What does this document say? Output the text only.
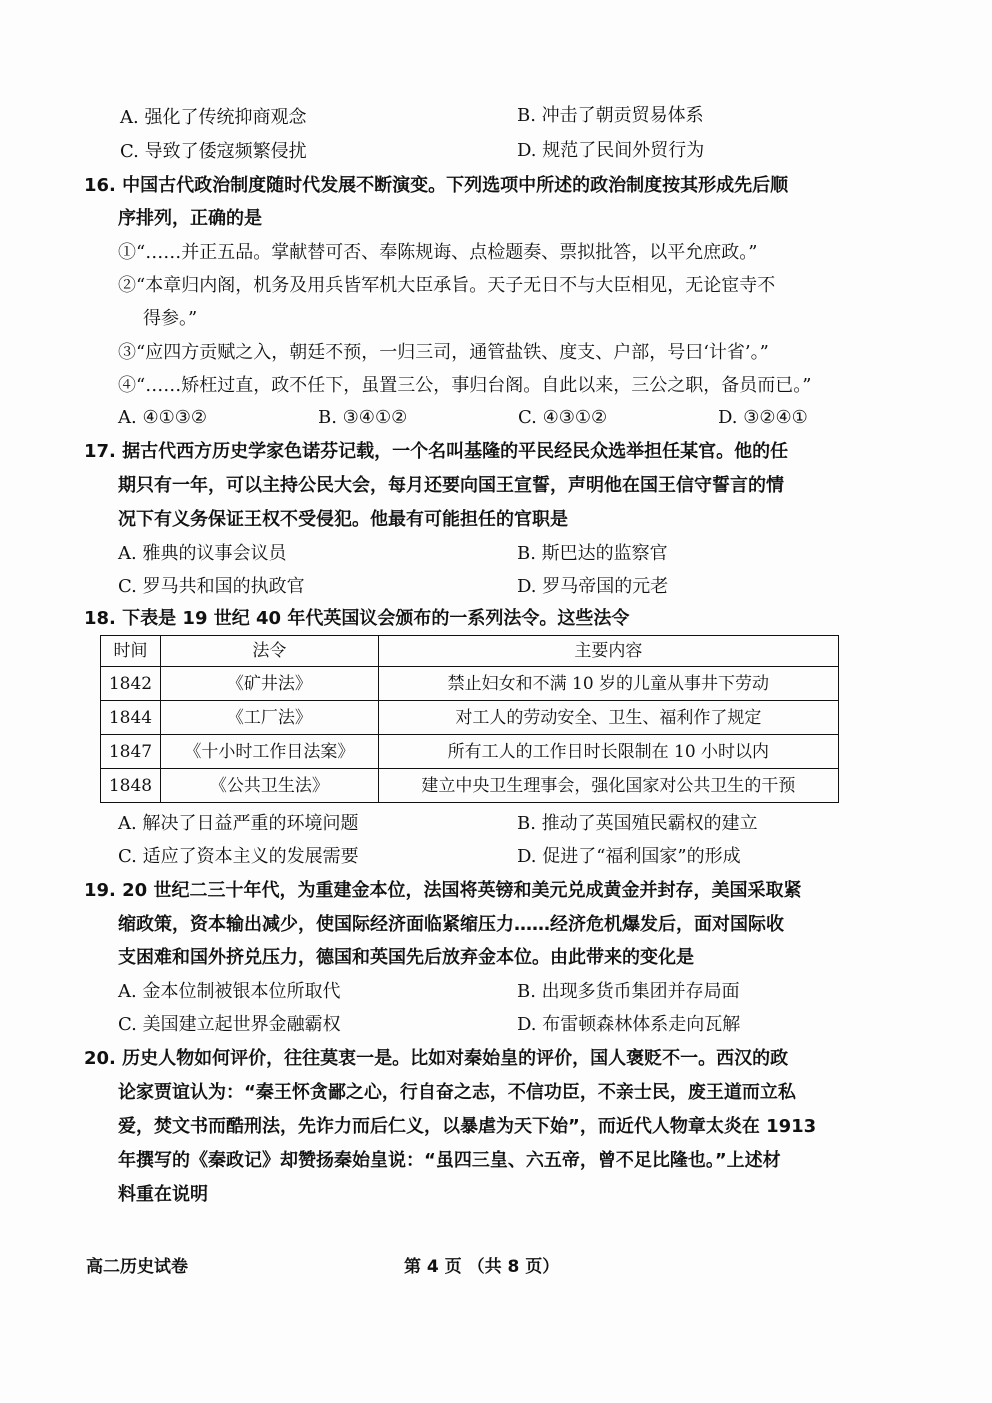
A. 强化了传统抑商观念	B. 冲击了朝贡贸易体系
C. 导致了倭寇频繁侵扰	D. 规范了民间外贸行为
16. 中国古代政治制度随时代发展不断演变。下列选项中所述的政治制度按其形成先后顺
序排列，正确的是
①“……并正五品。掌献替可否、奉陈规诲、点检题奏、票拟批答，以平允庶政。”
②“本章归内阁，机务及用兵皆军机大臣承旨。天子无日不与大臣相见，无论宦寺不
得参。”
③“应四方贡赋之入，朝廷不预，一归三司，通管盐铁、度支、户部，号曰‘计省’。”
④“……矫枉过直，政不任下，虽置三公，事归台阁。自此以来，三公之职，备员而已。”
A. ④①③②	B. ③④①②	C. ④③①②	D. ③②④①
17. 据古代西方历史学家色诺芬记载，一个名叫基隆的平民经民众选举担任某官。他的任
期只有一年，可以主持公民大会，每月还要向国王宣誓，声明他在国王信守誓言的情
况下有义务保证王权不受侵犯。他最有可能担任的官职是
A. 雅典的议事会议员	B. 斯巴达的监察官
C. 罗马共和国的执政官	D. 罗马帝国的元老
18. 下表是 19 世纪 40 年代英国议会颁布的一系列法令。这些法令
时间	法令	主要内容
1842	《矿井法》	禁止妇女和不满 10 岁的儿童从事井下劳动
1844	《工厂法》	对工人的劳动安全、卫生、福利作了规定
1847	《十小时工作日法案》	所有工人的工作日时长限制在 10 小时以内
1848	《公共卫生法》	建立中央卫生理事会，强化国家对公共卫生的干预
A. 解决了日益严重的环境问题	B. 推动了英国殖民霸权的建立
C. 适应了资本主义的发展需要	D. 促进了“福利国家”的形成
19. 20 世纪二三十年代，为重建金本位，法国将英镑和美元兑成黄金并封存，美国采取紧
缩政策，资本输出减少，使国际经济面临紧缩压力……经济危机爆发后，面对国际收
支困难和国外挤兑压力，德国和英国先后放弃金本位。由此带来的变化是
A. 金本位制被银本位所取代	B. 出现多货币集团并存局面
C. 美国建立起世界金融霸权	D. 布雷顿森林体系走向瓦解
20. 历史人物如何评价，往往莫衷一是。比如对秦始皇的评价，国人褒贬不一。西汉的政
论家贾谊认为：“秦王怀贪鄙之心，行自奋之志，不信功臣，不亲士民，废王道而立私
爱，焚文书而酷刑法，先诈力而后仁义，以暴虐为天下始”，而近代人物章太炎在 1913
年撰写的《秦政记》却赞扬秦始皇说：“虽四三皇、六五帝，曾不足比隆也。”上述材
料重在说明
高二历史试卷	第 4 页 （共 8 页）
